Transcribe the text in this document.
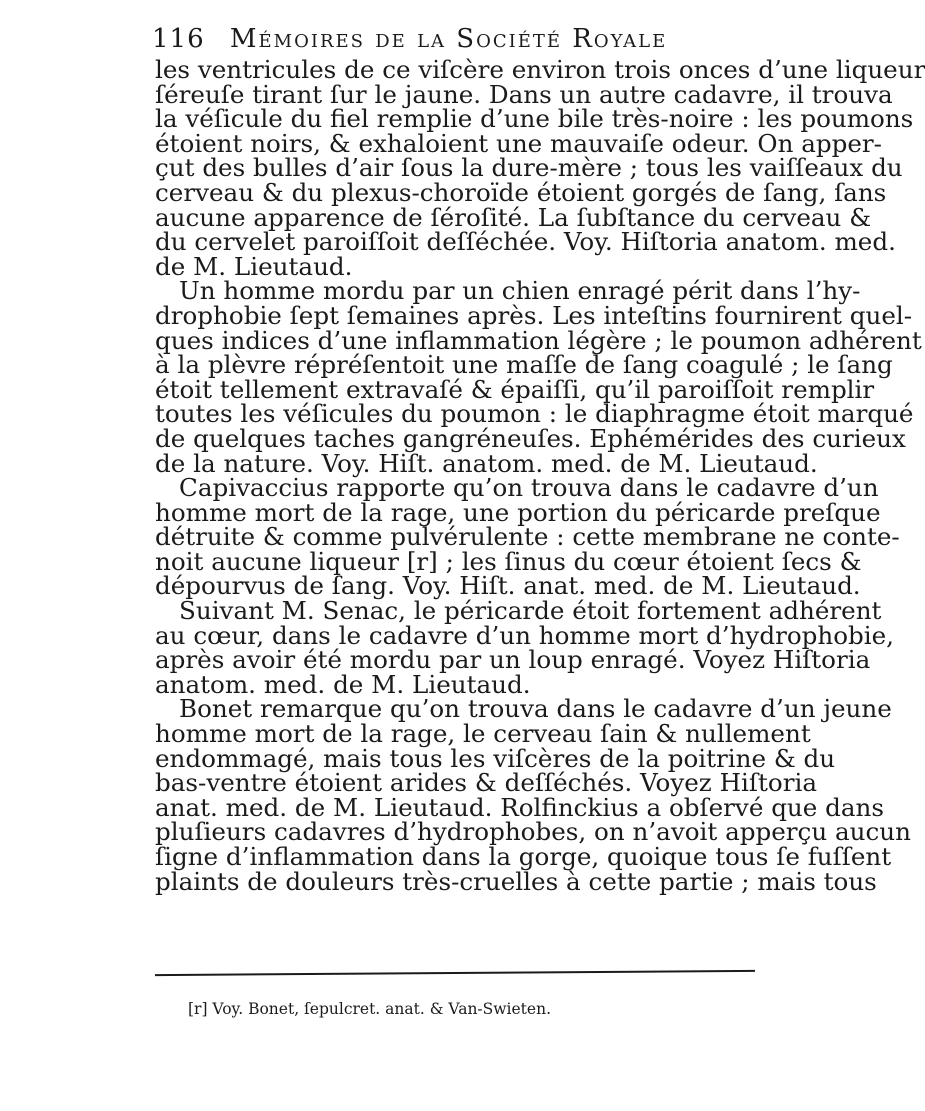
116 Mémoires de la Société Royale
les ventricules de ce viſcère environ trois onces d’une liqueur
ſéreuſe tirant ſur le jaune. Dans un autre cadavre, il trouva
la véſicule du fiel remplie d’une bile très-noire : les poumons
étoient noirs, & exhaloient une mauvaiſe odeur. On apper-
çut des bulles d’air ſous la dure-mère ; tous les vaiſſeaux du
cerveau & du plexus-choroïde étoient gorgés de ſang, ſans
aucune apparence de ſéroſité. La ſubſtance du cerveau &
du cervelet paroiſſoit deſſéchée. Voy. Hiſtoria anatom. med.
de M. Lieutaud.
Un homme mordu par un chien enragé périt dans l’hy-
drophobie ſept ſemaines après. Les inteſtins fournirent quel-
ques indices d’une inflammation légère ; le poumon adhérent
à la plèvre répréſentoit une maſſe de ſang coagulé ; le ſang
étoit tellement extravaſé & épaiſſi, qu’il paroiſſoit remplir
toutes les véſicules du poumon : le diaphragme étoit marqué
de quelques taches gangréneuſes. Ephémérides des curieux
de la nature. Voy. Hiſt. anatom. med. de M. Lieutaud.
Capivaccius rapporte qu’on trouva dans le cadavre d’un
homme mort de la rage, une portion du péricarde preſque
détruite & comme pulvérulente : cette membrane ne conte-
noit aucune liqueur [r] ; les ſinus du cœur étoient ſecs &
dépourvus de ſang. Voy. Hiſt. anat. med. de M. Lieutaud.
Suivant M. Senac, le péricarde étoit fortement adhérent
au cœur, dans le cadavre d’un homme mort d’hydrophobie,
après avoir été mordu par un loup enragé. Voyez Hiſtoria
anatom. med. de M. Lieutaud.
Bonet remarque qu’on trouva dans le cadavre d’un jeune
homme mort de la rage, le cerveau ſain & nullement
endommagé, mais tous les viſcères de la poitrine & du
bas-ventre étoient arides & deſſéchés. Voyez Hiſtoria
anat. med. de M. Lieutaud. Rolfinckius a obſervé que dans
pluſieurs cadavres d’hydrophobes, on n’avoit apperçu aucun
ſigne d’inflammation dans la gorge, quoique tous ſe fuſſent
plaints de douleurs très-cruelles à cette partie ; mais tous
[r] Voy. Bonet, ſepulcret. anat. & Van-Swieten.
